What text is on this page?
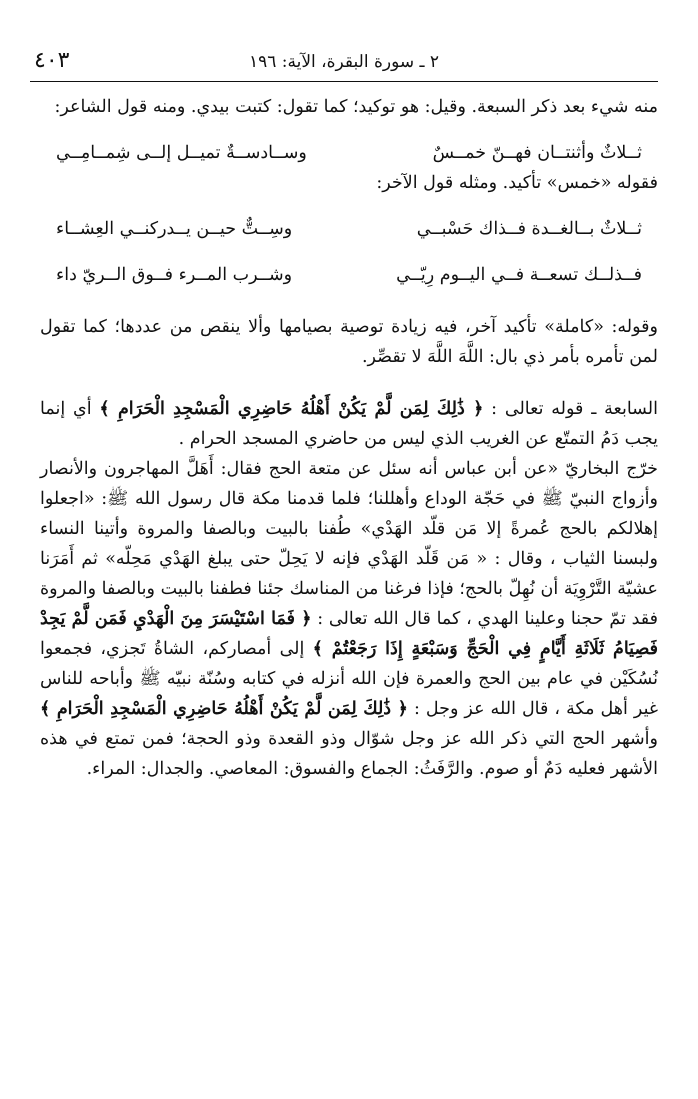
٢ ـ سورة البقرة، الآية: ١٩٦
٤٠٣

منه شيء بعد ذكر السبعة. وقيل: هو توكيد؛ كما تقول: كتبت بيدي. ومنه قول الشاعر:

ثــلاثٌ وأثنتــان فهــنّ خمــسٌ
وســادســةٌ تميــل إلــى شِمــامِــي

فقوله «خمس» تأكيد. ومثله قول الآخر:

ثــلاثٌ بــالغــدة فــذاك حَسْبــي
وسِــتٌّ حيــن يــدركنــي العِشــاء
فــذلــك تسعــة فــي اليــوم رِيّــي
وشــرب المــرء فــوق الــريّ داء

وقوله: «كاملة» تأكيد آخر، فيه زيادة توصية بصيامها وألا ينقص من عددها؛ كما تقول لمن تأمره بأمر ذي بال: اللَّهَ اللَّهَ لا تقصِّر.

السابعة ـ قوله تعالى : ﴿ ذَٰلِكَ لِمَن لَّمْ يَكُنْ أَهْلُهُ حَاضِرِي الْمَسْجِدِ الْحَرَامِ ﴾ أي إنما يجب دَمُ التمتّع عن الغريب الذي ليس من حاضري المسجد الحرام .

خرّج البخاريّ «عن أبن عباس أنه سئل عن متعة الحج فقال: أَهَلَّ المهاجرون والأنصار وأزواج النبيّ ﷺ في حَجّة الوداع وأهللنا؛ فلما قدمنا مكة قال رسول الله ﷺ: «اجعلوا إهلالكم بالحج عُمرةً إلا مَن قلّد الهَدْي» طُفنا بالبيت وبالصفا والمروة وأتينا النساء ولبسنا الثياب ، وقال : « مَن قَلّد الهَدْي فإنه لا يَحِلّ حتى يبلغ الهَدْي مَحِلّه» ثم أَمَرَنا عشيّة التَّرْوِيَة أن نُهِلّ بالحج؛ فإذا فرغنا من المناسك جئنا فطفنا بالبيت وبالصفا والمروة فقد تمّ حجنا وعلينا الهدي ، كما قال الله تعالى : ﴿ فَمَا اسْتَيْسَرَ مِنَ الْهَدْيِ فَمَن لَّمْ يَجِدْ فَصِيَامُ ثَلَاثَةِ أَيَّامٍ فِي الْحَجِّ وَسَبْعَةٍ إِذَا رَجَعْتُمْ ﴾ إلى أمصاركم، الشاةُ تَجزي، فجمعوا نُسُكَيْن في عام بين الحج والعمرة فإن الله أنزله في كتابه وسُنّة نبيّه ﷺ وأباحه للناس غير أهل مكة ، قال الله عز وجل : ﴿ ذَٰلِكَ لِمَن لَّمْ يَكُنْ أَهْلُهُ حَاضِرِي الْمَسْجِدِ الْحَرَامِ ﴾ وأشهر الحج التي ذكر الله عز وجل شوّال وذو القعدة وذو الحجة؛ فمن تمتع في هذه الأشهر فعليه دَمٌ أو صوم. والرَّفَثُ: الجماع والفسوق: المعاصي. والجدال: المراء.
